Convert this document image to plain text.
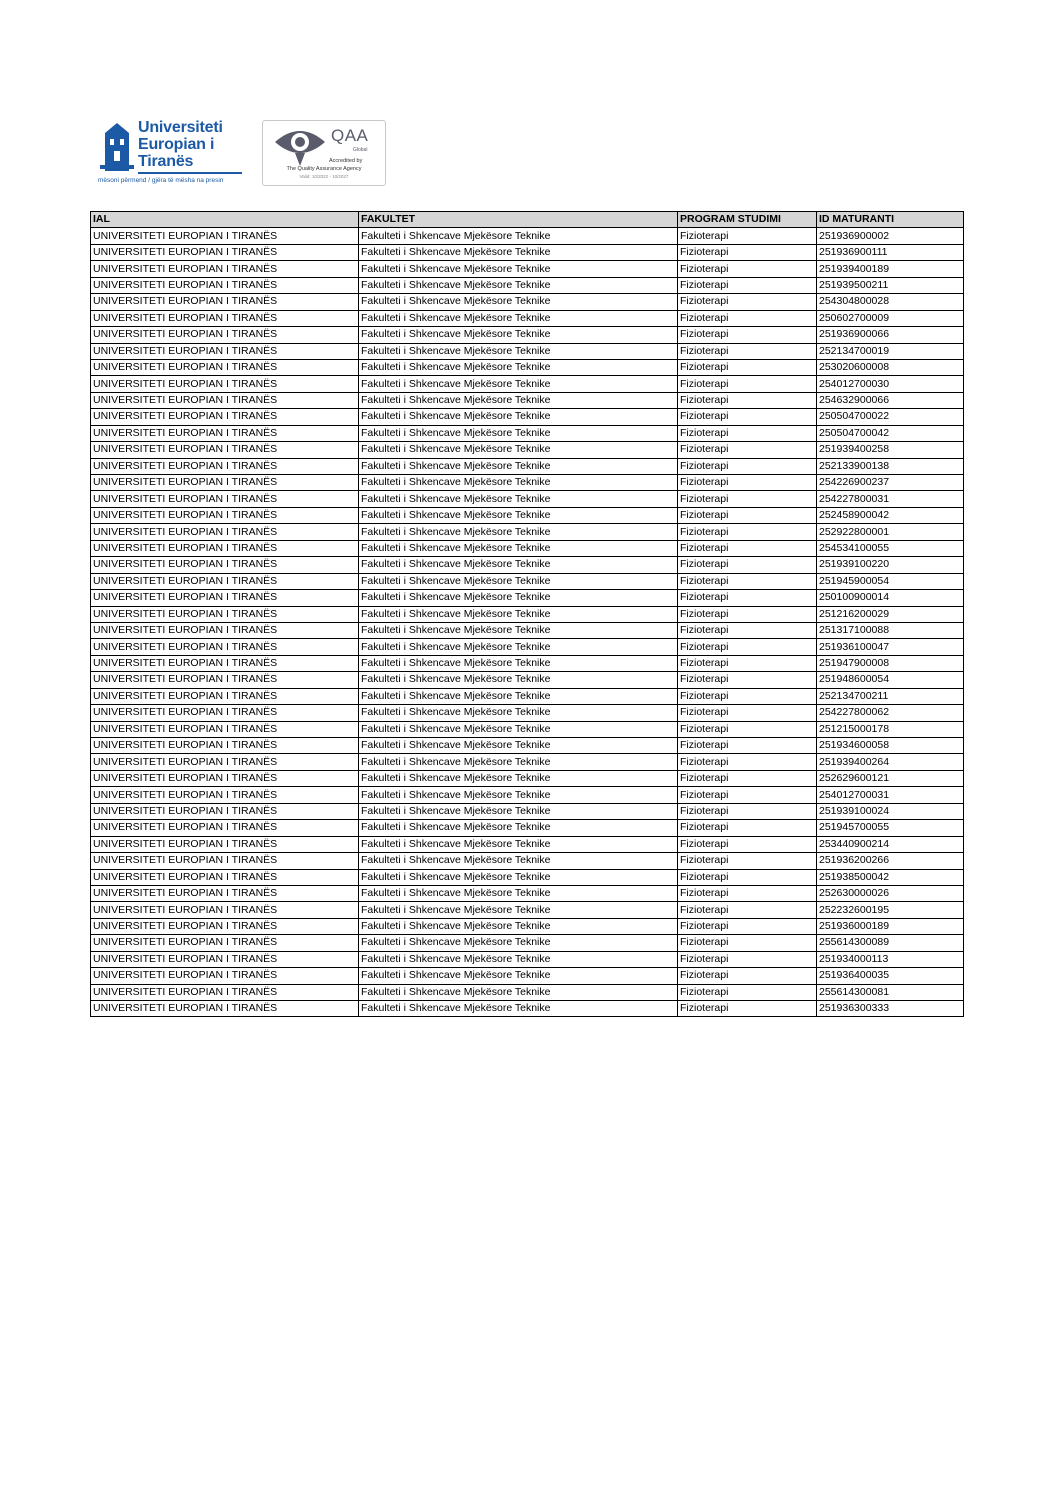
Universiteti
Europian i
Tiranës
mësoni përmend / gjëra të mësha na presin
QAA
Global
Accredited by
The Quality Assurance Agency
Valid: 10/2022 - 10/2027
IAL	FAKULTET	PROGRAM STUDIMI	ID MATURANTI
UNIVERSITETI EUROPIAN I TIRANËS	Fakulteti i Shkencave Mjekësore Teknike	Fizioterapi	251936900002
UNIVERSITETI EUROPIAN I TIRANËS	Fakulteti i Shkencave Mjekësore Teknike	Fizioterapi	251936900111
UNIVERSITETI EUROPIAN I TIRANËS	Fakulteti i Shkencave Mjekësore Teknike	Fizioterapi	251939400189
UNIVERSITETI EUROPIAN I TIRANËS	Fakulteti i Shkencave Mjekësore Teknike	Fizioterapi	251939500211
UNIVERSITETI EUROPIAN I TIRANËS	Fakulteti i Shkencave Mjekësore Teknike	Fizioterapi	254304800028
UNIVERSITETI EUROPIAN I TIRANËS	Fakulteti i Shkencave Mjekësore Teknike	Fizioterapi	250602700009
UNIVERSITETI EUROPIAN I TIRANËS	Fakulteti i Shkencave Mjekësore Teknike	Fizioterapi	251936900066
UNIVERSITETI EUROPIAN I TIRANËS	Fakulteti i Shkencave Mjekësore Teknike	Fizioterapi	252134700019
UNIVERSITETI EUROPIAN I TIRANËS	Fakulteti i Shkencave Mjekësore Teknike	Fizioterapi	253020600008
UNIVERSITETI EUROPIAN I TIRANËS	Fakulteti i Shkencave Mjekësore Teknike	Fizioterapi	254012700030
UNIVERSITETI EUROPIAN I TIRANËS	Fakulteti i Shkencave Mjekësore Teknike	Fizioterapi	254632900066
UNIVERSITETI EUROPIAN I TIRANËS	Fakulteti i Shkencave Mjekësore Teknike	Fizioterapi	250504700022
UNIVERSITETI EUROPIAN I TIRANËS	Fakulteti i Shkencave Mjekësore Teknike	Fizioterapi	250504700042
UNIVERSITETI EUROPIAN I TIRANËS	Fakulteti i Shkencave Mjekësore Teknike	Fizioterapi	251939400258
UNIVERSITETI EUROPIAN I TIRANËS	Fakulteti i Shkencave Mjekësore Teknike	Fizioterapi	252133900138
UNIVERSITETI EUROPIAN I TIRANËS	Fakulteti i Shkencave Mjekësore Teknike	Fizioterapi	254226900237
UNIVERSITETI EUROPIAN I TIRANËS	Fakulteti i Shkencave Mjekësore Teknike	Fizioterapi	254227800031
UNIVERSITETI EUROPIAN I TIRANËS	Fakulteti i Shkencave Mjekësore Teknike	Fizioterapi	252458900042
UNIVERSITETI EUROPIAN I TIRANËS	Fakulteti i Shkencave Mjekësore Teknike	Fizioterapi	252922800001
UNIVERSITETI EUROPIAN I TIRANËS	Fakulteti i Shkencave Mjekësore Teknike	Fizioterapi	254534100055
UNIVERSITETI EUROPIAN I TIRANËS	Fakulteti i Shkencave Mjekësore Teknike	Fizioterapi	251939100220
UNIVERSITETI EUROPIAN I TIRANËS	Fakulteti i Shkencave Mjekësore Teknike	Fizioterapi	251945900054
UNIVERSITETI EUROPIAN I TIRANËS	Fakulteti i Shkencave Mjekësore Teknike	Fizioterapi	250100900014
UNIVERSITETI EUROPIAN I TIRANËS	Fakulteti i Shkencave Mjekësore Teknike	Fizioterapi	251216200029
UNIVERSITETI EUROPIAN I TIRANËS	Fakulteti i Shkencave Mjekësore Teknike	Fizioterapi	251317100088
UNIVERSITETI EUROPIAN I TIRANËS	Fakulteti i Shkencave Mjekësore Teknike	Fizioterapi	251936100047
UNIVERSITETI EUROPIAN I TIRANËS	Fakulteti i Shkencave Mjekësore Teknike	Fizioterapi	251947900008
UNIVERSITETI EUROPIAN I TIRANËS	Fakulteti i Shkencave Mjekësore Teknike	Fizioterapi	251948600054
UNIVERSITETI EUROPIAN I TIRANËS	Fakulteti i Shkencave Mjekësore Teknike	Fizioterapi	252134700211
UNIVERSITETI EUROPIAN I TIRANËS	Fakulteti i Shkencave Mjekësore Teknike	Fizioterapi	254227800062
UNIVERSITETI EUROPIAN I TIRANËS	Fakulteti i Shkencave Mjekësore Teknike	Fizioterapi	251215000178
UNIVERSITETI EUROPIAN I TIRANËS	Fakulteti i Shkencave Mjekësore Teknike	Fizioterapi	251934600058
UNIVERSITETI EUROPIAN I TIRANËS	Fakulteti i Shkencave Mjekësore Teknike	Fizioterapi	251939400264
UNIVERSITETI EUROPIAN I TIRANËS	Fakulteti i Shkencave Mjekësore Teknike	Fizioterapi	252629600121
UNIVERSITETI EUROPIAN I TIRANËS	Fakulteti i Shkencave Mjekësore Teknike	Fizioterapi	254012700031
UNIVERSITETI EUROPIAN I TIRANËS	Fakulteti i Shkencave Mjekësore Teknike	Fizioterapi	251939100024
UNIVERSITETI EUROPIAN I TIRANËS	Fakulteti i Shkencave Mjekësore Teknike	Fizioterapi	251945700055
UNIVERSITETI EUROPIAN I TIRANËS	Fakulteti i Shkencave Mjekësore Teknike	Fizioterapi	253440900214
UNIVERSITETI EUROPIAN I TIRANËS	Fakulteti i Shkencave Mjekësore Teknike	Fizioterapi	251936200266
UNIVERSITETI EUROPIAN I TIRANËS	Fakulteti i Shkencave Mjekësore Teknike	Fizioterapi	251938500042
UNIVERSITETI EUROPIAN I TIRANËS	Fakulteti i Shkencave Mjekësore Teknike	Fizioterapi	252630000026
UNIVERSITETI EUROPIAN I TIRANËS	Fakulteti i Shkencave Mjekësore Teknike	Fizioterapi	252232600195
UNIVERSITETI EUROPIAN I TIRANËS	Fakulteti i Shkencave Mjekësore Teknike	Fizioterapi	251936000189
UNIVERSITETI EUROPIAN I TIRANËS	Fakulteti i Shkencave Mjekësore Teknike	Fizioterapi	255614300089
UNIVERSITETI EUROPIAN I TIRANËS	Fakulteti i Shkencave Mjekësore Teknike	Fizioterapi	251934000113
UNIVERSITETI EUROPIAN I TIRANËS	Fakulteti i Shkencave Mjekësore Teknike	Fizioterapi	251936400035
UNIVERSITETI EUROPIAN I TIRANËS	Fakulteti i Shkencave Mjekësore Teknike	Fizioterapi	255614300081
UNIVERSITETI EUROPIAN I TIRANËS	Fakulteti i Shkencave Mjekësore Teknike	Fizioterapi	251936300333
